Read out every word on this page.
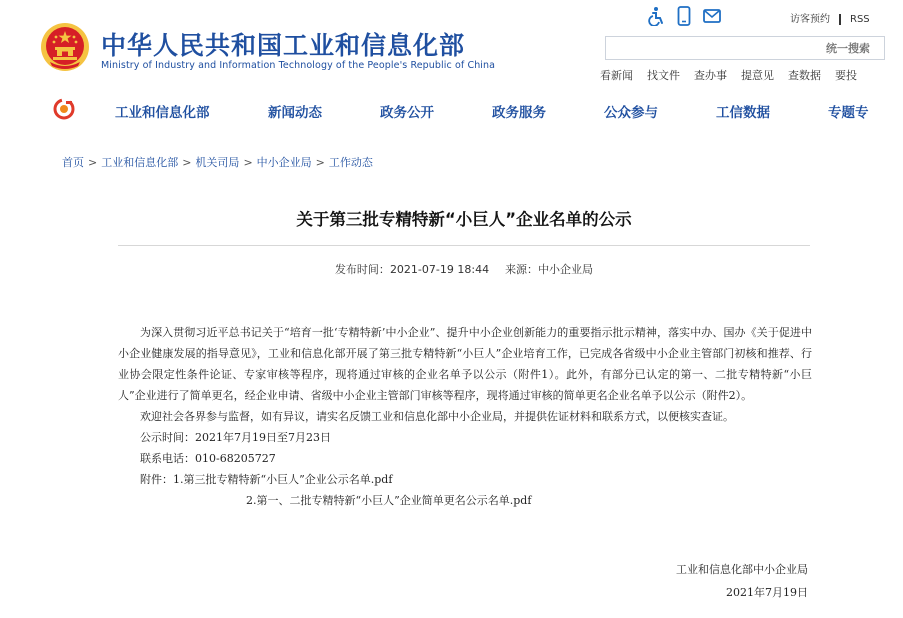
中华人民共和国工业和信息化部
Ministry of Industry and Information Technology of the People's Republic of China
访客预约 RSS
统一搜索
看新闻 找文件 查办事 提意见 查数据 要投
工业和信息化部	新闻动态	政务公开	政务服务	公众参与	工信数据	专题专
首页 > 工业和信息化部 > 机关司局 > 中小企业局 > 工作动态
关于第三批专精特新“小巨人”企业名单的公示
发布时间：2021-07-19 18:44 来源：中小企业局

为深入贯彻习近平总书记关于“培育一批‘专精特新’中小企业”、提升中小企业创新能力的重要指示批示精神，落实中办、国办《关于促进中小企业健康发展的指导意见》，工业和信息化部开展了第三批专精特新“小巨人”企业培育工作，已完成各省级中小企业主管部门初核和推荐、行业协会限定性条件论证、专家审核等程序，现将通过审核的企业名单予以公示（附件1）。此外，有部分已认定的第一、二批专精特新“小巨人”企业进行了简单更名，经企业申请、省级中小企业主管部门审核等程序，现将通过审核的简单更名企业名单予以公示（附件2）。

欢迎社会各界参与监督，如有异议，请实名反馈工业和信息化部中小企业局，并提供佐证材料和联系方式，以便核实查证。

公示时间：2021年7月19日至7月23日

联系电话：010-68205727

附件：1.第三批专精特新“小巨人”企业公示名单.pdf

2.第一、二批专精特新“小巨人”企业简单更名公示名单.pdf

工业和信息化部中小企业局
2021年7月19日
